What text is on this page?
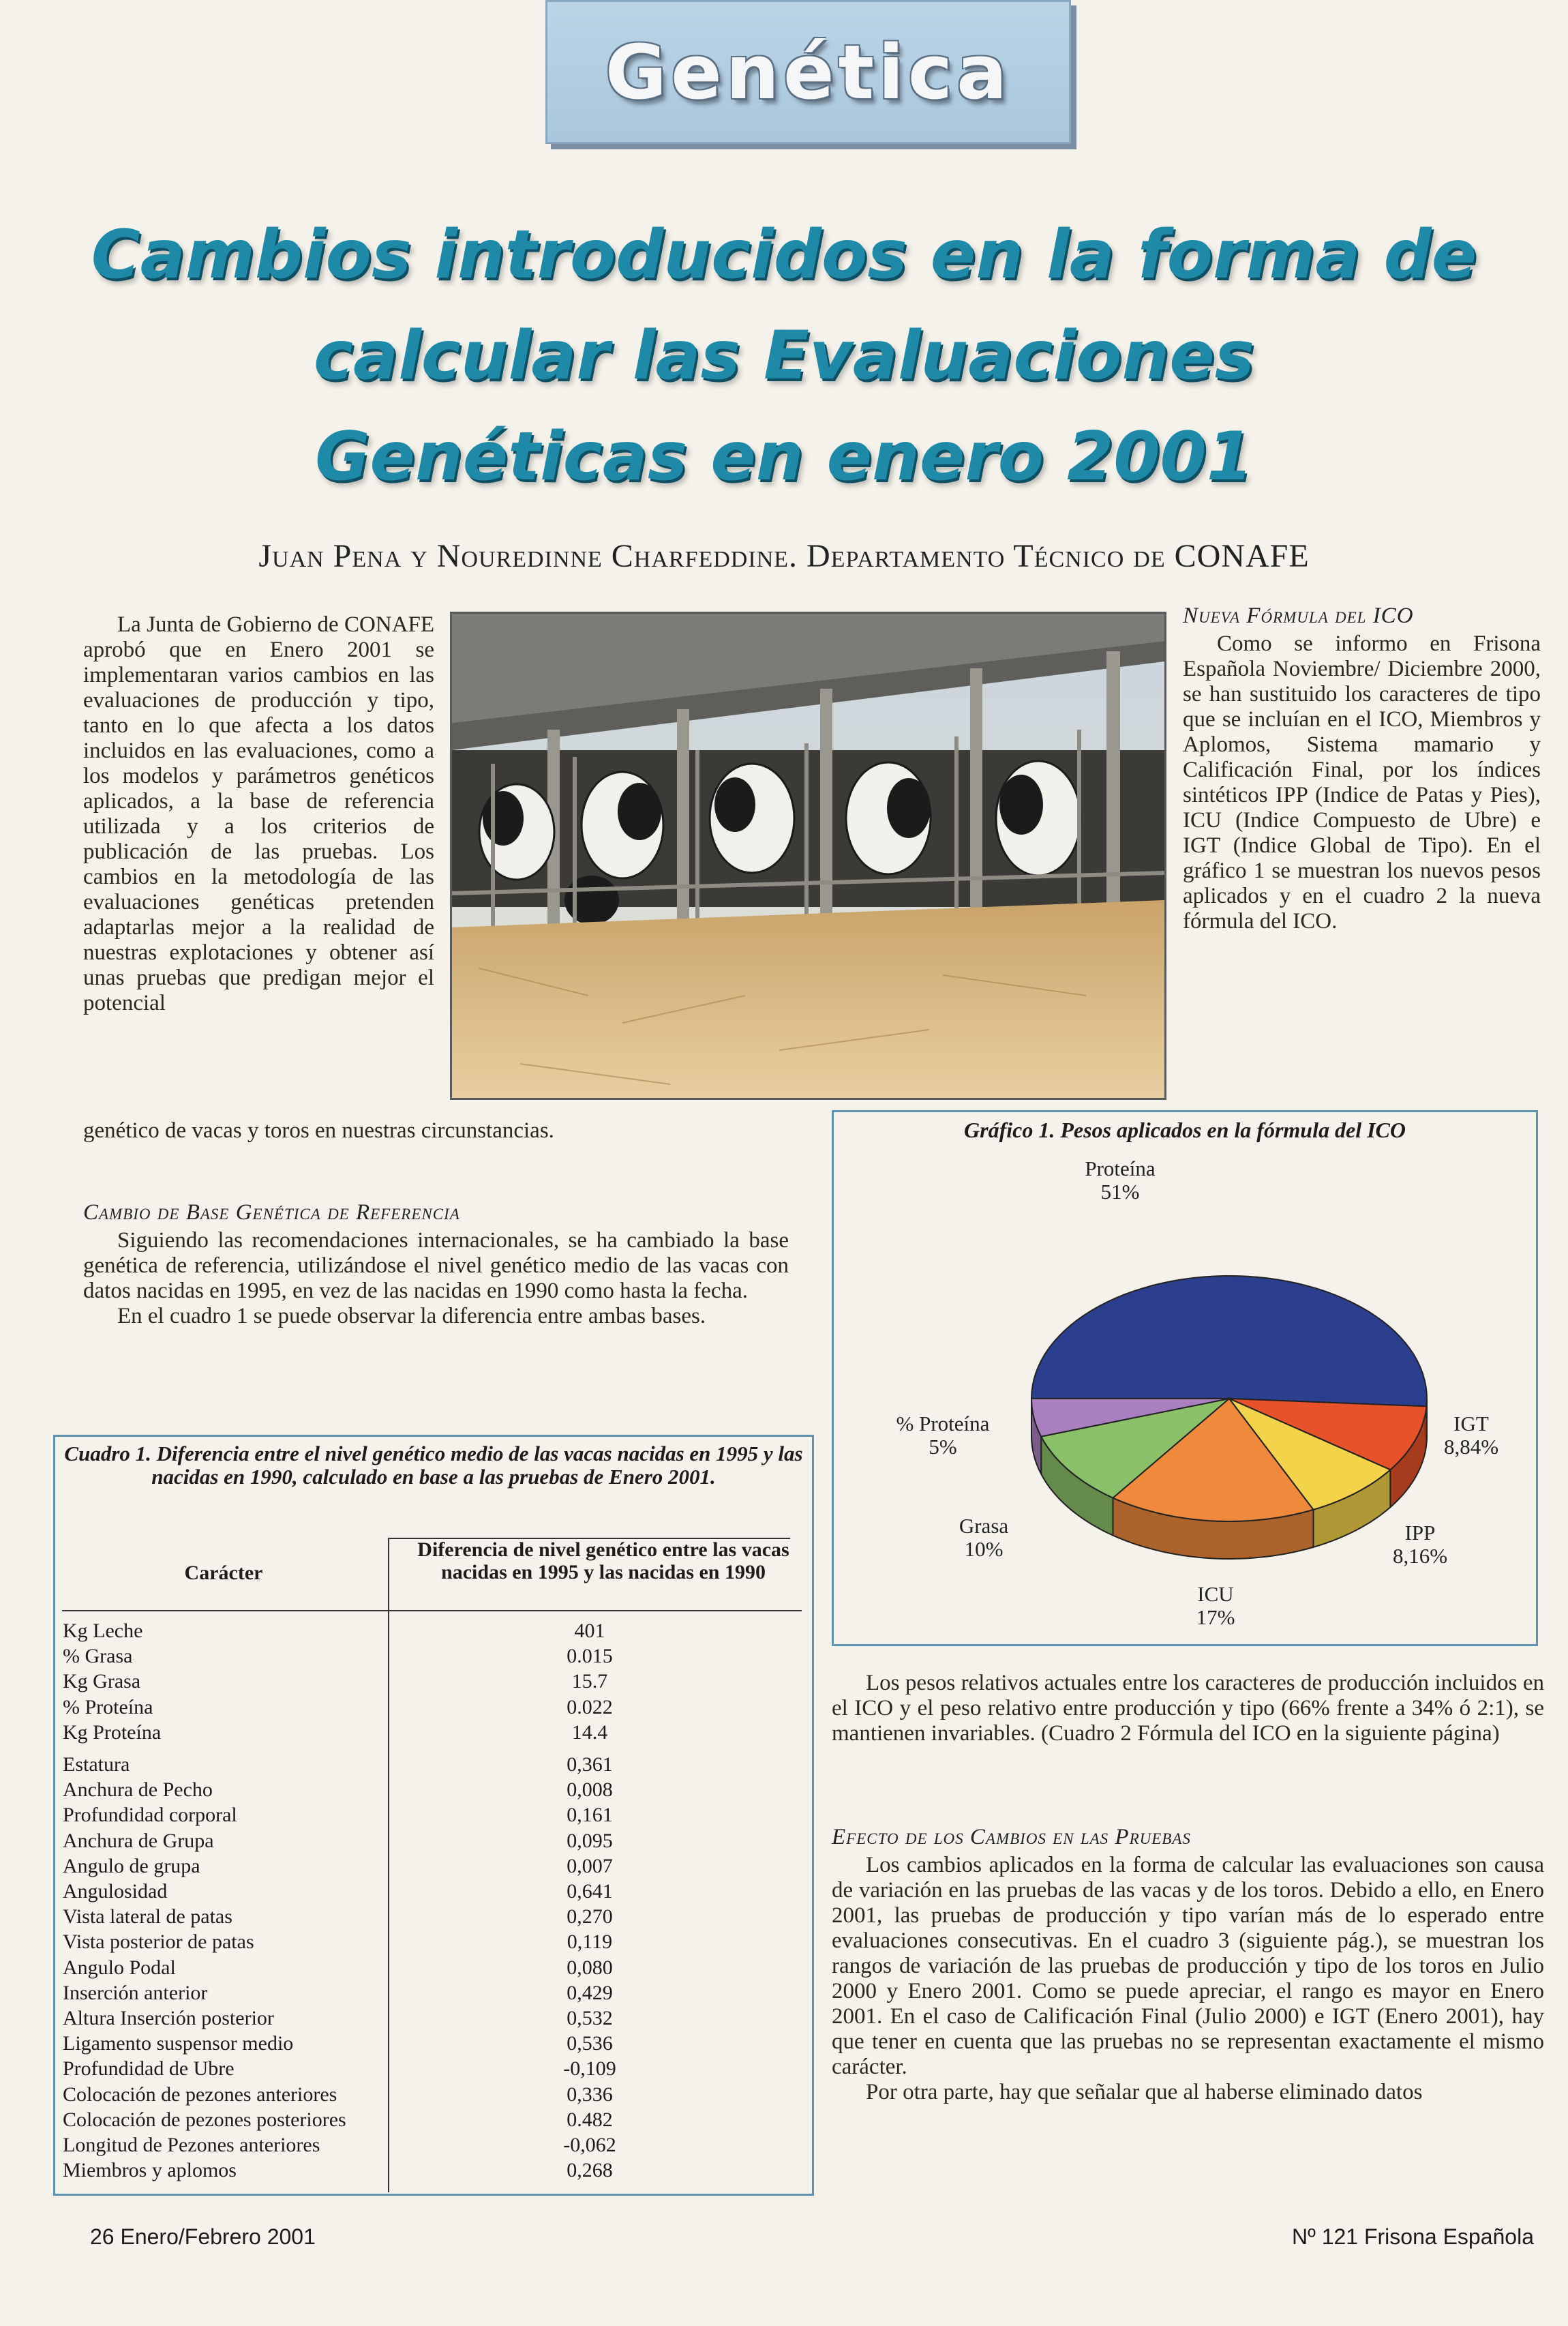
Genética
Cambios introducidos en la forma de
calcular las Evaluaciones
Genéticas en enero 2001
Juan Pena y Nouredinne Charfeddine. Departamento Técnico de CONAFE

La Junta de Gobierno de CONAFE aprobó que en Enero 2001 se implementaran varios cambios en las evaluaciones de producción y tipo, tanto en lo que afecta a los datos incluidos en las evaluaciones, como a los modelos y parámetros genéticos aplicados, a la base de referencia utilizada y a los criterios de publicación de las pruebas. Los cambios en la metodología de las evaluaciones genéticas pretenden adaptarlas mejor a la realidad de nuestras explotaciones y obtener así unas pruebas que predigan mejor el potencial

genético de vacas y toros en nuestras circunstancias.
Cambio de Base Genética de Referencia

Siguiendo las recomendaciones internacionales, se ha cambiado la base genética de referencia, utilizándose el nivel genético medio de las vacas con datos nacidas en 1995, en vez de las nacidas en 1990 como hasta la fecha.

En el cuadro 1 se puede observar la diferencia entre ambas bases.

Nueva Fórmula del ICO

Como se informo en Frisona Española Noviembre/ Diciembre 2000, se han sustituido los caracteres de tipo que se incluían en el ICO, Miembros y Aplomos, Sistema mamario y Calificación Final, por los índices sintéticos IPP (Indice de Patas y Pies), ICU (Indice Compuesto de Ubre) e IGT (Indice Global de Tipo). En el gráfico 1 se muestran los nuevos pesos aplicados y en el cuadro 2 la nueva fórmula del ICO.

Gráfico 1. Pesos aplicados en la fórmula del ICO
Proteína
51%
IGT
8,84%
IPP
8,16%
ICU
17%
Grasa
10%
% Proteína
5%
Cuadro 1. Diferencia entre el nivel genético medio de las vacas nacidas en 1995 y las nacidas en 1990, calculado en base a las pruebas de Enero 2001.
Carácter
Diferencia de nivel genético entre las vacas nacidas en 1995 y las nacidas en 1990
Kg Leche	401
% Grasa	0.015
Kg Grasa	15.7
% Proteína	0.022
Kg Proteína	14.4
Estatura	0,361
Anchura de Pecho	0,008
Profundidad corporal	0,161
Anchura de Grupa	0,095
Angulo de grupa	0,007
Angulosidad	0,641
Vista lateral de patas	0,270
Vista posterior de patas	0,119
Angulo Podal	0,080
Inserción anterior	0,429
Altura Inserción posterior	0,532
Ligamento suspensor medio	0,536
Profundidad de Ubre	-0,109
Colocación de pezones anteriores	0,336
Colocación de pezones posteriores	0.482
Longitud de Pezones anteriores	-0,062
Miembros y aplomos	0,268

Los pesos relativos actuales entre los caracteres de producción incluidos en el ICO y el peso relativo entre producción y tipo (66% frente a 34% ó 2:1), se mantienen invariables. (Cuadro 2 Fórmula del ICO en la siguiente página)

Efecto de los Cambios en las Pruebas

Los cambios aplicados en la forma de calcular las evaluaciones son causa de variación en las pruebas de las vacas y de los toros. Debido a ello, en Enero 2001, las pruebas de producción y tipo varían más de lo esperado entre evaluaciones consecutivas. En el cuadro 3 (siguiente pág.), se muestran los rangos de variación de las pruebas de producción y tipo de los toros en Julio 2000 y Enero 2001. Como se puede apreciar, el rango es mayor en Enero 2001. En el caso de Calificación Final (Julio 2000) e IGT (Enero 2001), hay que tener en cuenta que las pruebas no se representan exactamente el mismo carácter.

Por otra parte, hay que señalar que al haberse eliminado datos

26 Enero/Febrero 2001	Nº 121 Frisona Española
